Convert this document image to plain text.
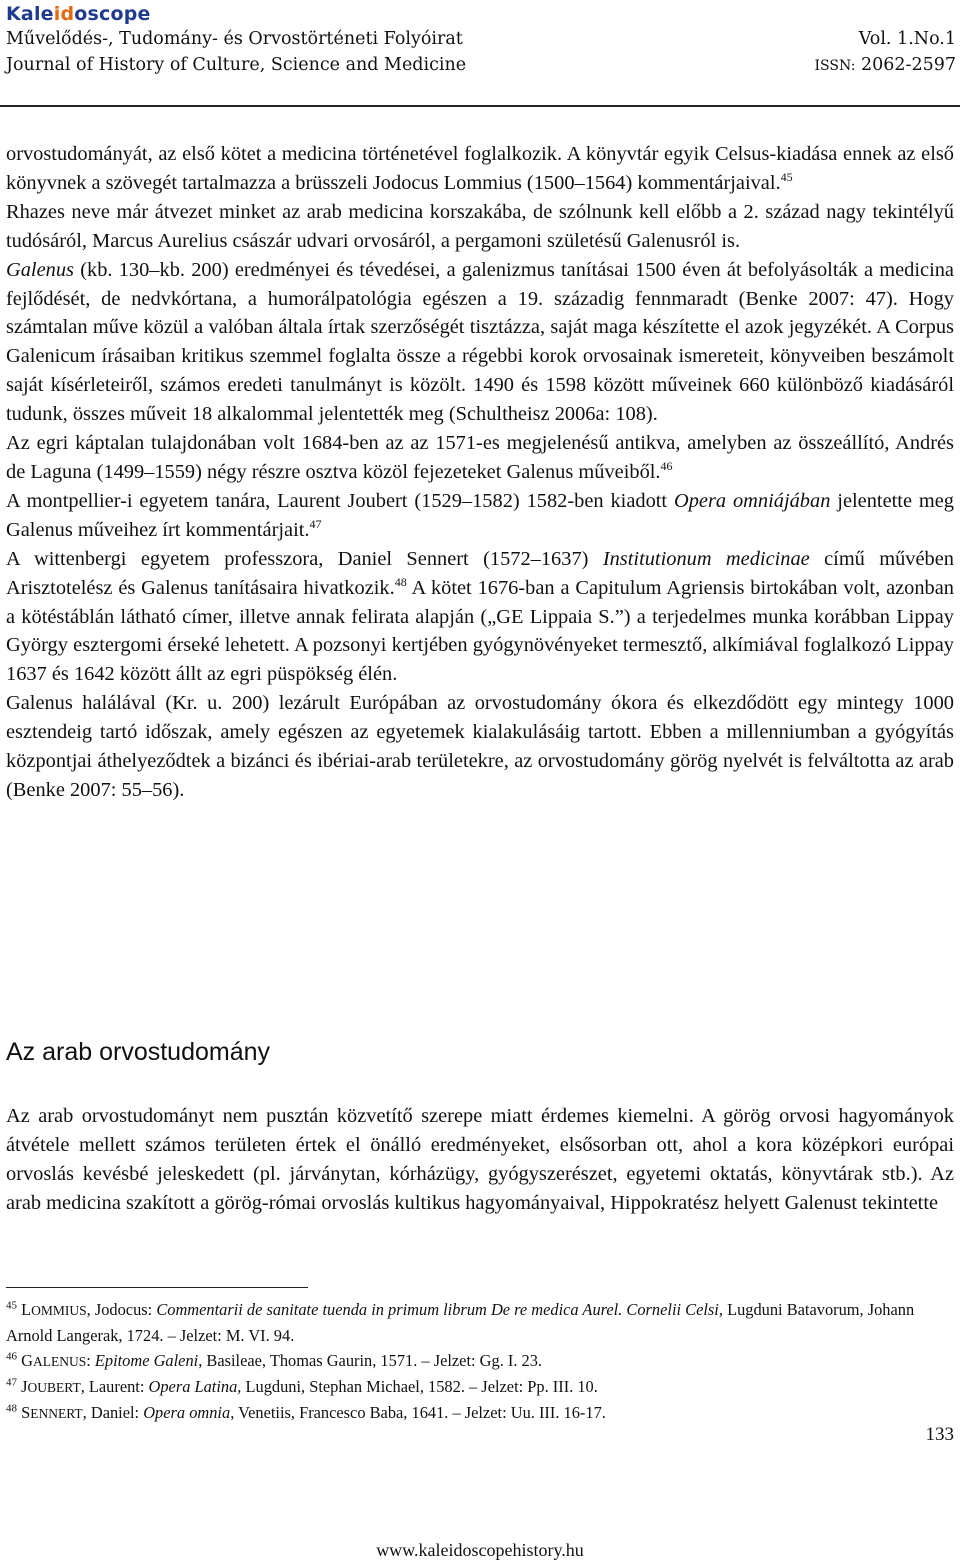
Kaleidoscope
Művelődés-, Tudomány- és Orvostörténeti Folyóirat	Vol. 1.No.1
Journal of History of Culture, Science and Medicine	ISSN: 2062-2597

orvostudományát, az első kötet a medicina történetével foglalkozik. A könyvtár egyik Celsus-kiadása ennek az első könyvnek a szövegét tartalmazza a brüsszeli Jodocus Lommius (1500–1564) kommentárjaival.$^{45}$

Rhazes neve már átvezet minket az arab medicina korszakába, de szólnunk kell előbb a 2. század nagy tekintélyű tudósáról, Marcus Aurelius császár udvari orvosáról, a pergamoni születésű Galenusról is.

Galenus (kb. 130–kb. 200) eredményei és tévedései, a galenizmus tanításai 1500 éven át befolyásolták a medicina fejlődését, de nedvkórtana, a humorálpatológia egészen a 19. századig fennmaradt (Benke 2007: 47). Hogy számtalan műve közül a valóban általa írtak szerzőségét tisztázza, saját maga készítette el azok jegyzékét. A Corpus Galenicum írásaiban kritikus szemmel foglalta össze a régebbi korok orvosainak ismereteit, könyveiben beszámolt saját kísérleteiről, számos eredeti tanulmányt is közölt. 1490 és 1598 között műveinek 660 különböző kiadásáról tudunk, összes műveit 18 alkalommal jelentették meg (Schultheisz 2006a: 108).

Az egri káptalan tulajdonában volt 1684-ben az az 1571-es megjelenésű antikva, amelyben az összeállító, Andrés de Laguna (1499–1559) négy részre osztva közöl fejezeteket Galenus műveiből.$^{46}$

A montpellier-i egyetem tanára, Laurent Joubert (1529–1582) 1582-ben kiadott Opera omniájában jelentette meg Galenus műveihez írt kommentárjait.$^{47}$

A wittenbergi egyetem professzora, Daniel Sennert (1572–1637) Institutionum medicinae című művében Arisztotelész és Galenus tanításaira hivatkozik.$^{48}$ A kötet 1676-ban a Capitulum Agriensis birtokában volt, azonban a kötéstáblán látható címer, illetve annak felirata alapján („GE Lippaia S.”) a terjedelmes munka korábban Lippay György esztergomi érseké lehetett. A pozsonyi kertjében gyógynövényeket termesztő, alkímiával foglalkozó Lippay 1637 és 1642 között állt az egri püspökség élén.

Galenus halálával (Kr. u. 200) lezárult Európában az orvostudomány ókora és elkezdődött egy mintegy 1000 esztendeig tartó időszak, amely egészen az egyetemek kialakulásáig tartott. Ebben a millenniumban a gyógyítás központjai áthelyeződtek a bizánci és ibériai-arab területekre, az orvostudomány görög nyelvét is felváltotta az arab (Benke 2007: 55–56).

Az arab orvostudomány

Az arab orvostudományt nem pusztán közvetítő szerepe miatt érdemes kiemelni. A görög orvosi hagyományok átvétele mellett számos területen értek el önálló eredményeket, elsősorban ott, ahol a kora középkori európai orvoslás kevésbé jeleskedett (pl. járványtan, kórházügy, gyógyszerészet, egyetemi oktatás, könyvtárak stb.). Az arab medicina szakított a görög-római orvoslás kultikus hagyományaival, Hippokratész helyett Galenust tekintette

$^{45}$ LOMMIUS, Jodocus: Commentarii de sanitate tuenda in primum librum De re medica Aurel. Cornelii Celsi, Lugduni Batavorum, Johann Arnold Langerak, 1724. – Jelzet: M. VI. 94.

$^{46}$ GALENUS: Epitome Galeni, Basileae, Thomas Gaurin, 1571. – Jelzet: Gg. I. 23.

$^{47}$ JOUBERT, Laurent: Opera Latina, Lugduni, Stephan Michael, 1582. – Jelzet: Pp. III. 10.

$^{48}$ SENNERT, Daniel: Opera omnia, Venetiis, Francesco Baba, 1641. – Jelzet: Uu. III. 16-17.

133
www.kaleidoscopehistory.hu
